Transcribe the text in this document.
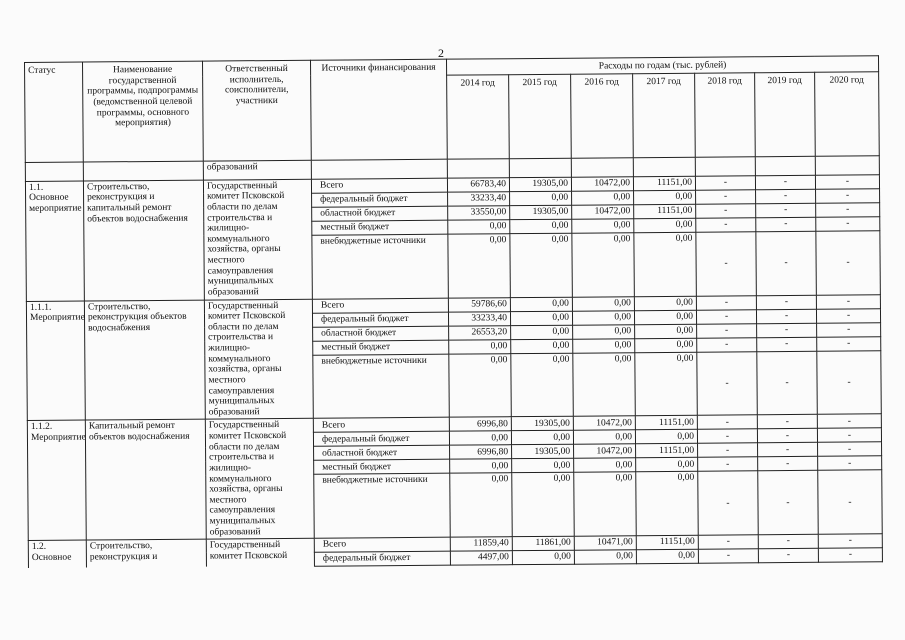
2
Статус	Наименование государственной программы, подпрограммы (ведомственной целевой программы, основного мероприятия)	Ответственный исполнитель, соисполнители, участники	Источники финансирования	Расходы по годам (тыс. рублей)						
				2014 год	2015 год	2016 год	2017 год	2018 год	2019 год	2020 год
		образований								
1.1. Основное мероприятие	Строительство, реконструкция и капитальный ремонт объектов водоснабжения	Государственный комитет Псковской области по делам строительства и жилищно-коммунального хозяйства, органы местного самоуправления муниципальных образований	Всего	66783,40	19305,00	10472,00	11151,00	-	-	-
			федеральный бюджет	33233,40	0,00	0,00	0,00	-	-	-
			областной бюджет	33550,00	19305,00	10472,00	11151,00	-	-	-
			местный бюджет	0,00	0,00	0,00	0,00	-	-	-
			внебюджетные источники	0,00	0,00	0,00	0,00	-	-	-
1.1.1. Мероприятие	Строительство, реконструкция объектов водоснабжения	Государственный комитет Псковской области по делам строительства и жилищно-коммунального хозяйства, органы местного самоуправления муниципальных образований	Всего	59786,60	0,00	0,00	0,00	-	-	-
			федеральный бюджет	33233,40	0,00	0,00	0,00	-	-	-
			областной бюджет	26553,20	0,00	0,00	0,00	-	-	-
			местный бюджет	0,00	0,00	0,00	0,00	-	-	-
			внебюджетные источники	0,00	0,00	0,00	0,00	-	-	-
1.1.2. Мероприятие	Капитальный ремонт объектов водоснабжения	Государственный комитет Псковской области по делам строительства и жилищно-коммунального хозяйства, органы местного самоуправления муниципальных образований	Всего	6996,80	19305,00	10472,00	11151,00	-	-	-
			федеральный бюджет	0,00	0,00	0,00	0,00	-	-	-
			областной бюджет	6996,80	19305,00	10472,00	11151,00	-	-	-
			местный бюджет	0,00	0,00	0,00	0,00	-	-	-
			внебюджетные источники	0,00	0,00	0,00	0,00	-	-	-
1.2. Основное	Строительство, реконструкция и	Государственный комитет Псковской	Всего	11859,40	11861,00	10471,00	11151,00	-	-	-
			федеральный бюджет	4497,00	0,00	0,00	0,00	-	-	-
